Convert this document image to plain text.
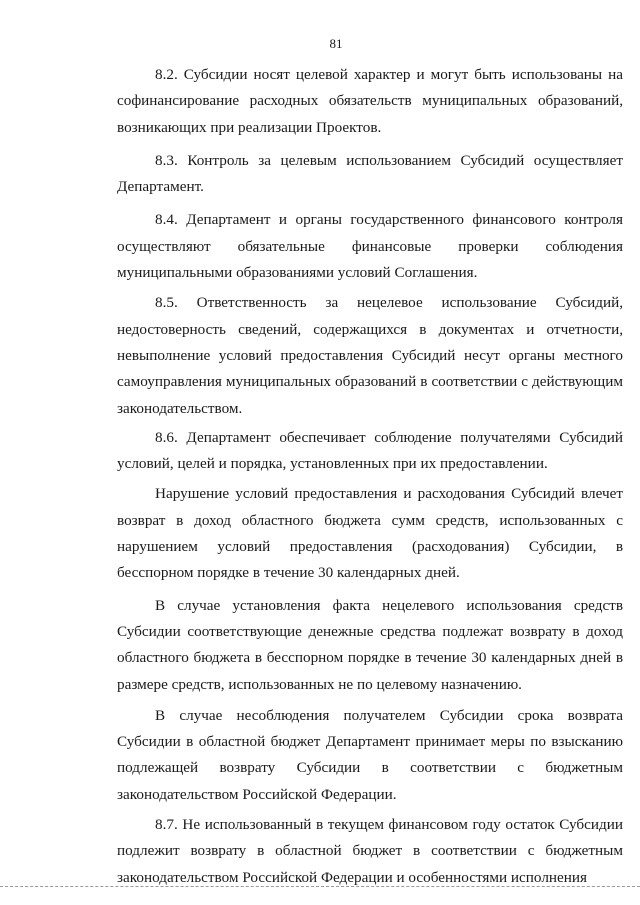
81

8.2. Субсидии носят целевой характер и могут быть использованы на софинансирование расходных обязательств муниципальных образований, возникающих при реализации Проектов.

8.3. Контроль за целевым использованием Субсидий осуществляет Департамент.

8.4. Департамент и органы государственного финансового контроля осуществляют обязательные финансовые проверки соблюдения муниципальными образованиями условий Соглашения.

8.5. Ответственность за нецелевое использование Субсидий, недостоверность сведений, содержащихся в документах и отчетности, невыполнение условий предоставления Субсидий несут органы местного самоуправления муниципальных образований в соответствии с действующим законодательством.

8.6. Департамент обеспечивает соблюдение получателями Субсидий условий, целей и порядка, установленных при их предоставлении.

Нарушение условий предоставления и расходования Субсидий влечет возврат в доход областного бюджета сумм средств, использованных с нарушением условий предоставления (расходования) Субсидии, в бесспорном порядке в течение 30 календарных дней.

В случае установления факта нецелевого использования средств Субсидии соответствующие денежные средства подлежат возврату в доход областного бюджета в бесспорном порядке в течение 30 календарных дней в размере средств, использованных не по целевому назначению.

В случае несоблюдения получателем Субсидии срока возврата Субсидии в областной бюджет Департамент принимает меры по взысканию подлежащей возврату Субсидии в соответствии с бюджетным законодательством Российской Федерации.

8.7. Не использованный в текущем финансовом году остаток Субсидии подлежит возврату в областной бюджет в соответствии с бюджетным законодательством Российской Федерации и особенностями исполнения
